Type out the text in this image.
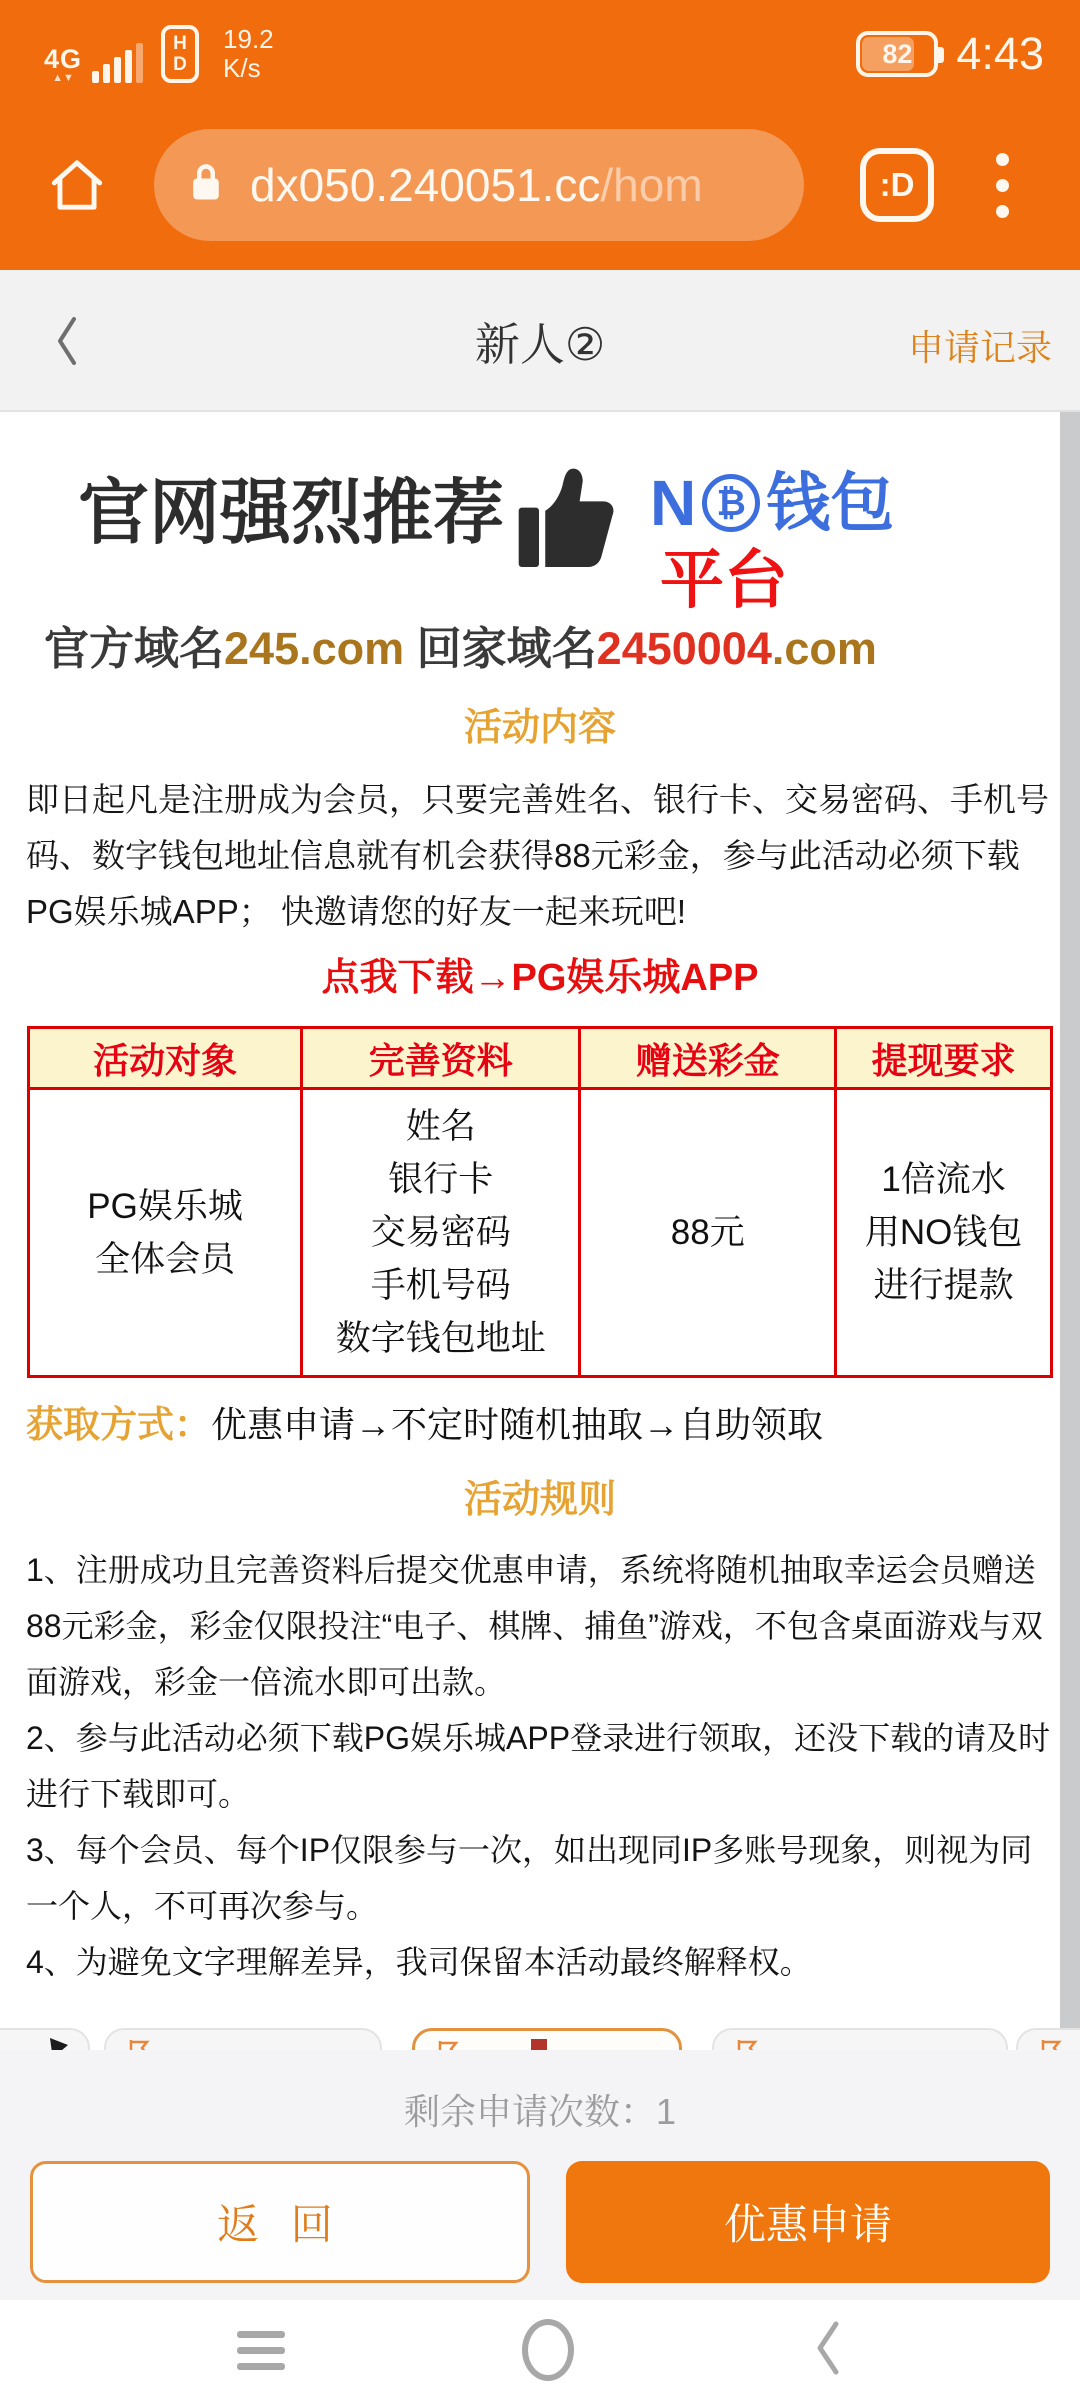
4G
▲▼
H
D
19.2
K/s	82 4:43
dx050.240051.cc/hom	:D
新人②	申请记录
官网强烈推荐 N ₿ 钱包
平台
官方域名245.com 回家域名2450004.com
活动内容
即日起凡是注册成为会员，只要完善姓名、银行卡、交易密码、手机号码、数字钱包地址信息就有机会获得88元彩金，参与此活动必须下载PG娱乐城APP； 快邀请您的好友一起来玩吧!
点我下载→PG娱乐城APP
活动对象	完善资料	赠送彩金	提现要求

PG娱乐城
全体会员

姓名
银行卡
交易密码
手机号码
数字钱包地址

88元

1倍流水
用NO钱包
进行提款
获取方式：优惠申请→不定时随机抽取→自助领取
活动规则

1、注册成功且完善资料后提交优惠申请，系统将随机抽取幸运会员赠送88元彩金，彩金仅限投注“电子、棋牌、捕鱼”游戏，不包含桌面游戏与双面游戏，彩金一倍流水即可出款。

2、参与此活动必须下载PG娱乐城APP登录进行领取，还没下载的请及时进行下载即可。

3、每个会员、每个IP仅限参与一次，如出现同IP多账号现象，则视为同一个人，不可再次参与。

4、为避免文字理解差异，我司保留本活动最终解释权。

剩余申请次数：1
返 回	优惠申请
